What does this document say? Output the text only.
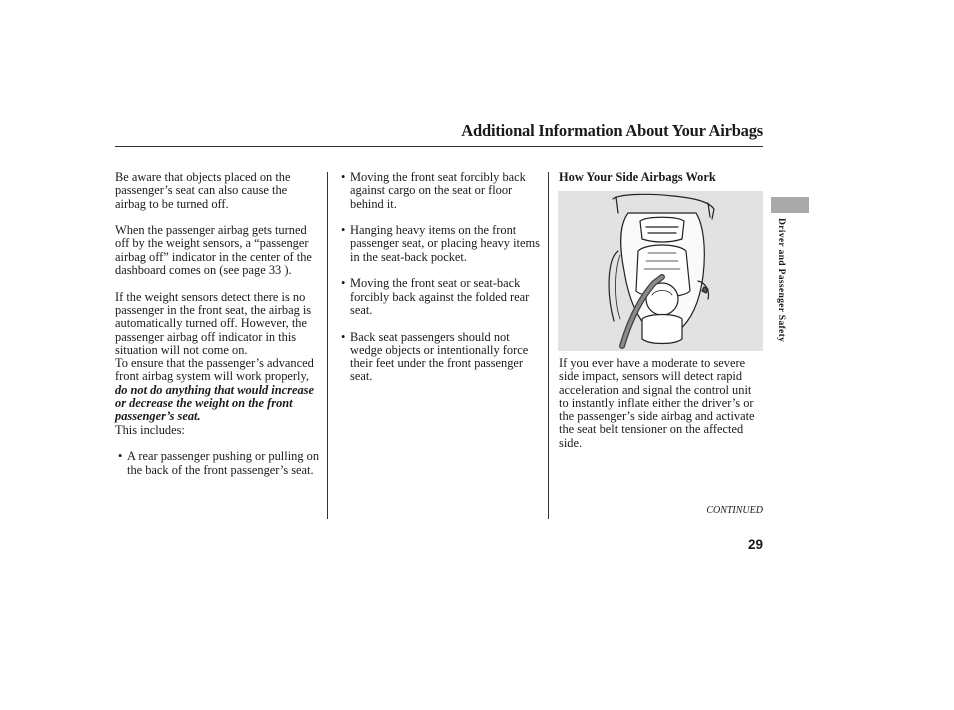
Additional Information About Your Airbags

Be aware that objects placed on the passenger’s seat can also cause the airbag to be turned off.

When the passenger airbag gets turned off by the weight sensors, a “passenger airbag off” indicator in the center of the dashboard comes on (see page 33 ).

If the weight sensors detect there is no passenger in the front seat, the airbag is automatically turned off. However, the passenger airbag off indicator in this situation will not come on.

To ensure that the passenger’s advanced front airbag system will work properly, do not do anything that would increase or decrease the weight on the front passenger’s seat.
This includes:

• A rear passenger pushing or pulling on the back of the front passenger’s seat.
• Moving the front seat forcibly back against cargo on the seat or floor behind it.
• Hanging heavy items on the front passenger seat, or placing heavy items in the seat-back pocket.
• Moving the front seat or seat-back forcibly back against the folded rear seat.
• Back seat passengers should not wedge objects or intentionally force their feet under the front passenger seat.

How Your Side Airbags Work

If you ever have a moderate to severe side impact, sensors will detect rapid acceleration and signal the control unit to instantly inflate either the driver’s or the passenger’s side airbag and activate the seat belt tensioner on the affected side.

CONTINUED
29
Driver and Passenger Safety
